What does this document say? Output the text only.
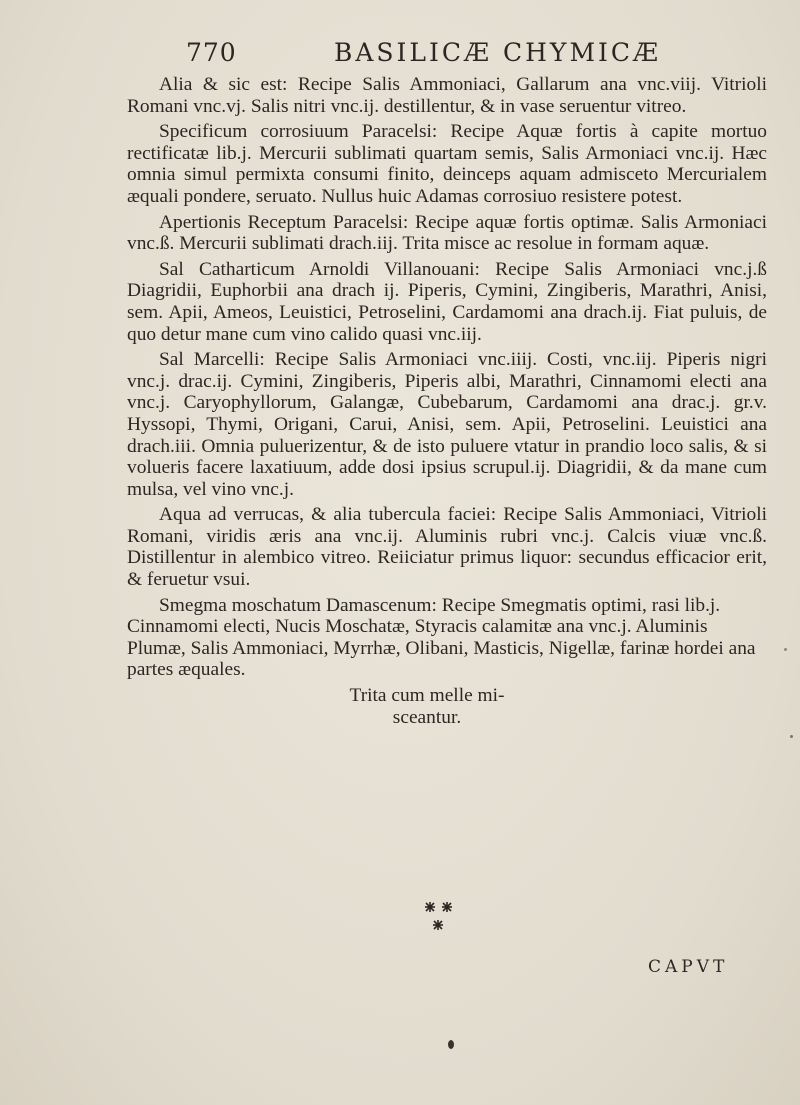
770	BASILICÆ CHYMICÆ

Alia & sic est: Recipe Salis Ammoniaci, Gallarum ana vnc.viij. Vitrioli Romani vnc.vj. Salis nitri vnc.ij. destillentur, & in vase seruentur vitreo.

Specificum corrosiuum Paracelsi: Recipe Aquæ fortis à capite mortuo rectificatæ lib.j. Mercurii sublimati quartam semis, Salis Armoniaci vnc.ij. Hæc omnia simul permixta consumi finito, deinceps aquam admisceto Mercurialem æquali pondere, seruato. Nullus huic Adamas corrosiuo resistere potest.

Apertionis Receptum Paracelsi: Recipe aquæ fortis optimæ. Salis Armoniaci vnc.ß. Mercurii sublimati drach.iij. Trita misce ac resolue in formam aquæ.

Sal Catharticum Arnoldi Villanouani: Recipe Salis Armoniaci vnc.j.ß Diagridii, Euphorbii ana drach ij. Piperis, Cymini, Zingiberis, Marathri, Anisi, sem. Apii, Ameos, Leuistici, Petroselini, Cardamomi ana drach.ij. Fiat puluis, de quo detur mane cum vino calido quasi vnc.iij.

Sal Marcelli: Recipe Salis Armoniaci vnc.iiij. Costi, vnc.iij. Piperis nigri vnc.j. drac.ij. Cymini, Zingiberis, Piperis albi, Marathri, Cinnamomi electi ana vnc.j. Caryophyllorum, Galangæ, Cubebarum, Cardamomi ana drac.j. gr.v. Hyssopi, Thymi, Origani, Carui, Anisi, sem. Apii, Petroselini. Leuistici ana drach.iii. Omnia puluerizentur, & de isto puluere vtatur in prandio loco salis, & si volueris facere laxatiuum, adde dosi ipsius scrupul.ij. Diagridii, & da mane cum mulsa, vel vino vnc.j.

Aqua ad verrucas, & alia tubercula faciei: Recipe Salis Ammoniaci, Vitrioli Romani, viridis æris ana vnc.ij. Aluminis rubri vnc.j. Calcis viuæ vnc.ß. Distillentur in alembico vitreo. Reiiciatur primus liquor: secundus efficacior erit, & feruetur vsui.

Smegma moschatum Damascenum: Recipe Smegmatis optimi, rasi lib.j. Cinnamomi electi, Nucis Moschatæ, Styracis calamitæ ana vnc.j. Aluminis Plumæ, Salis Ammoniaci, Myrrhæ, Olibani, Masticis, Nigellæ, farinæ hordei ana partes æquales.

Trita cum melle mi-

sceantur.

CAPVT
